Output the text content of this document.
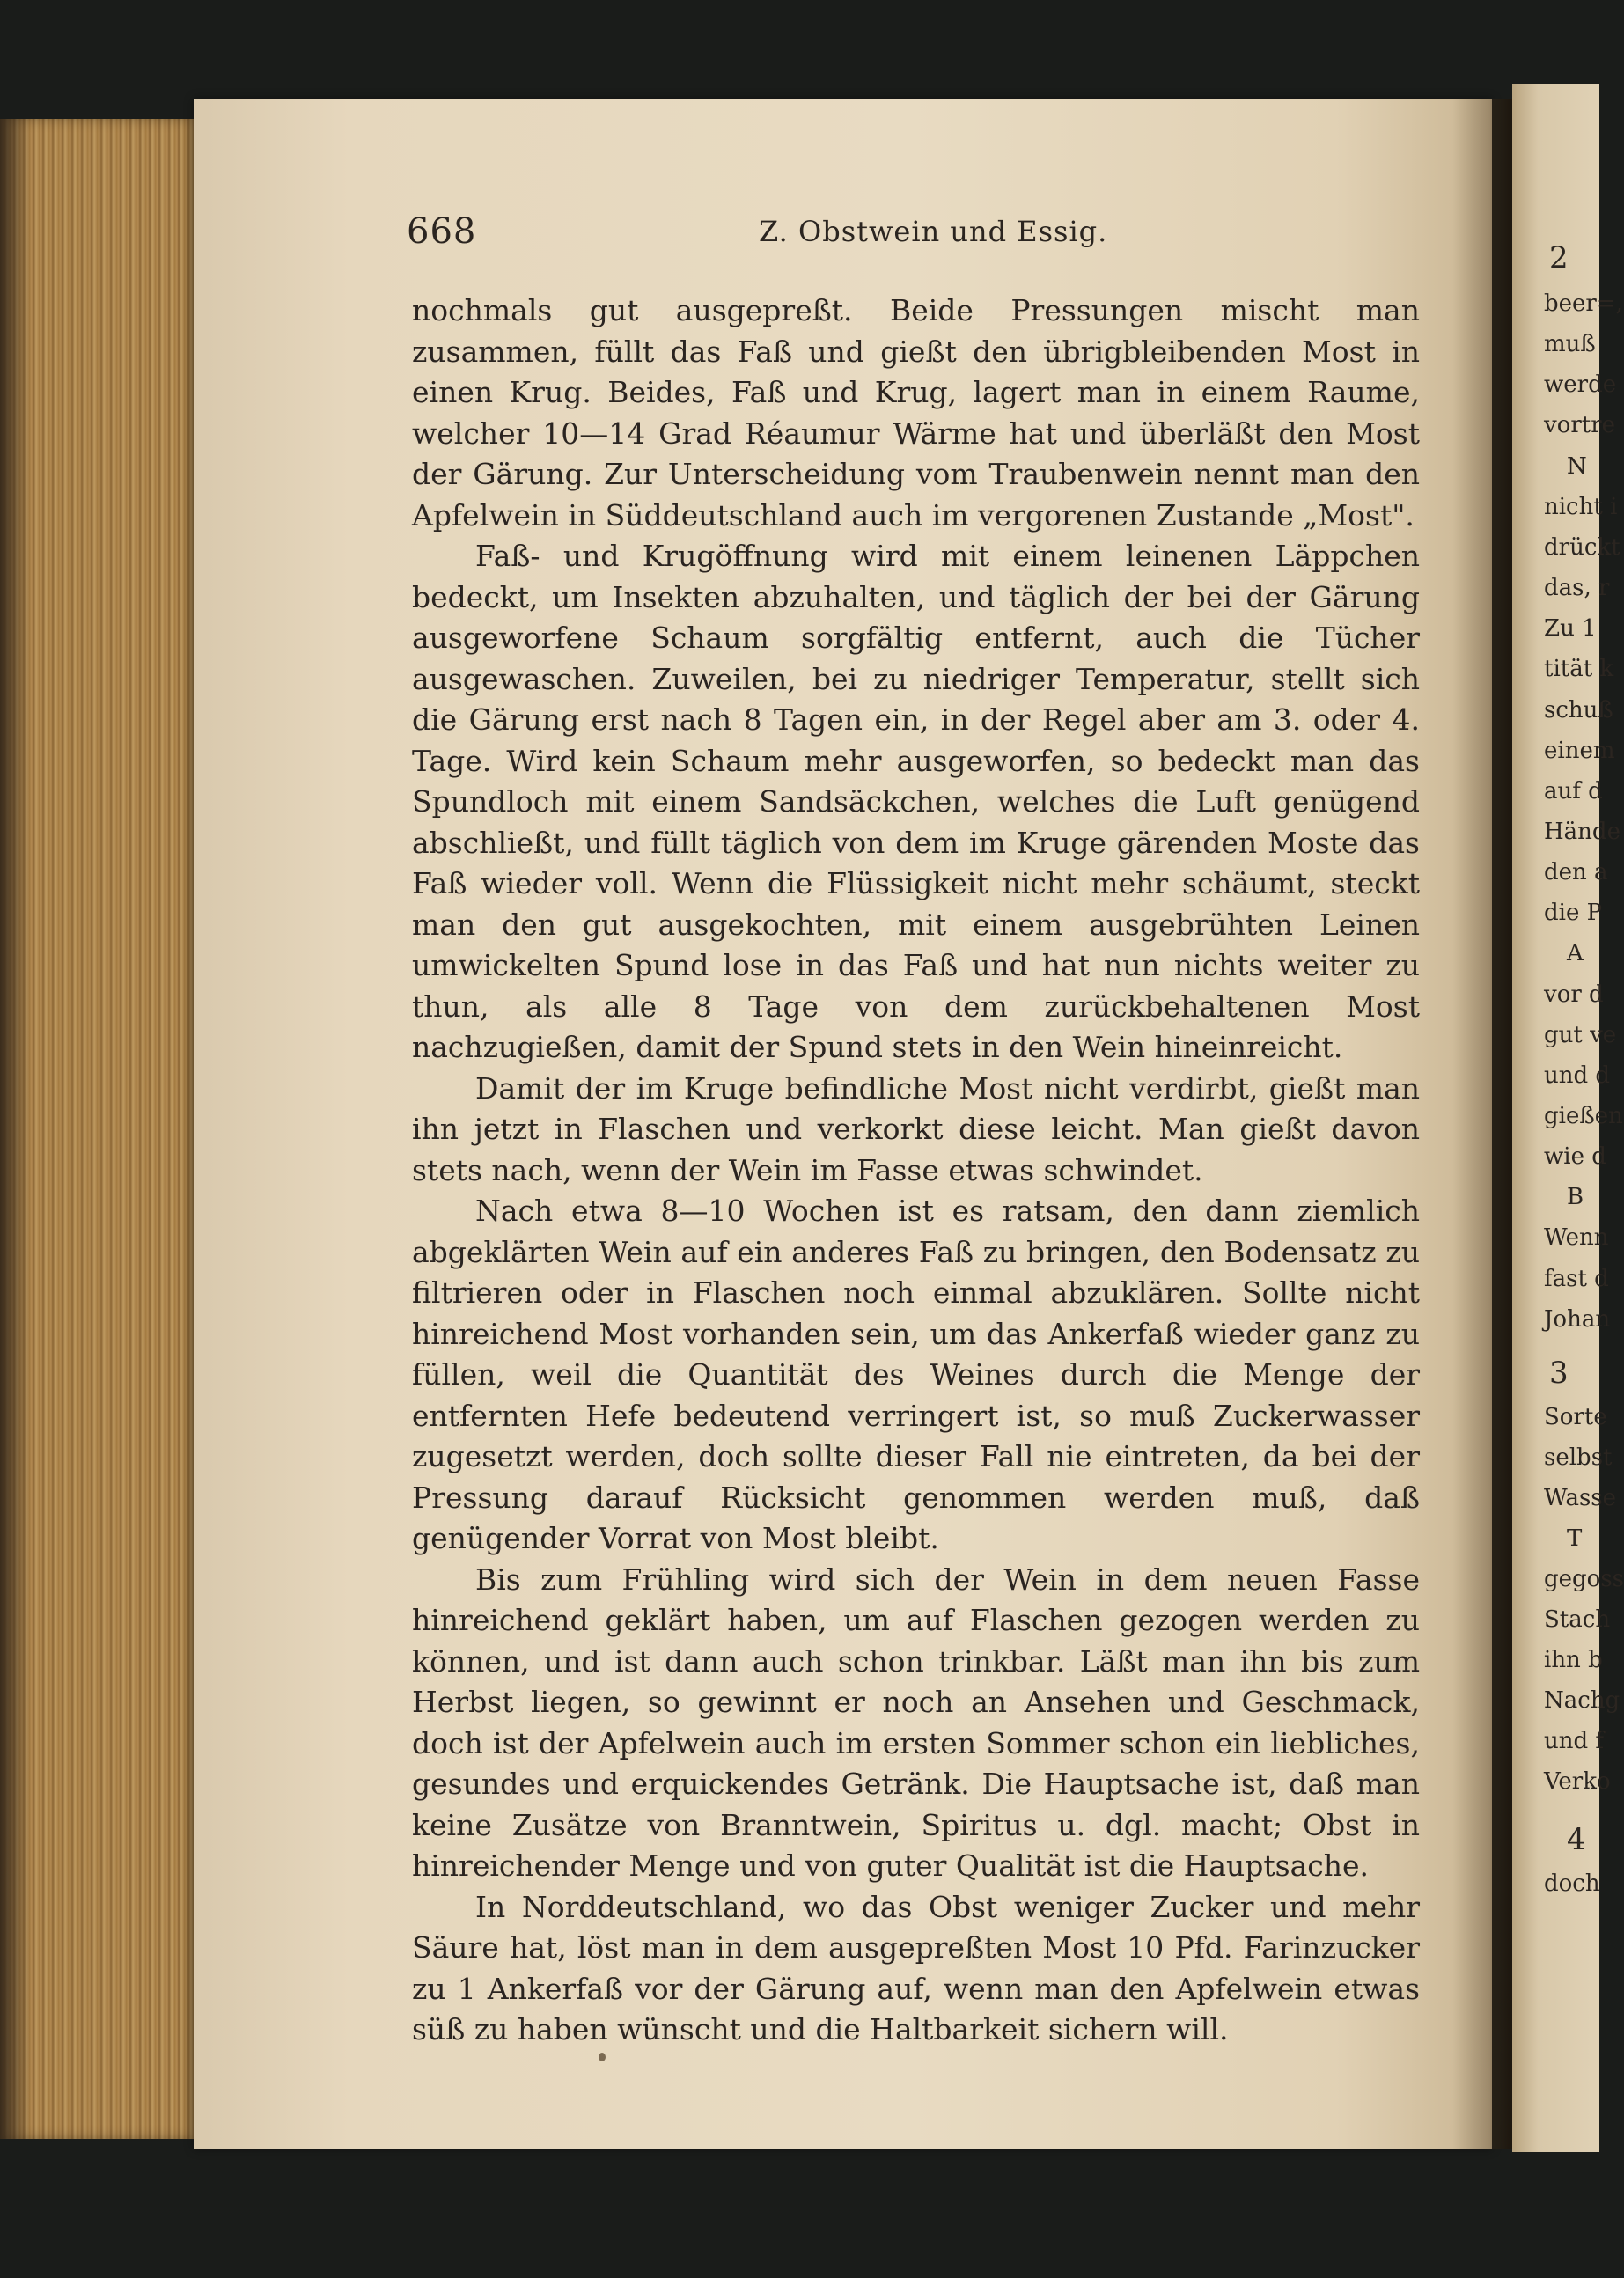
2
beer=,
muß
werde
vortre
N
nicht i
drückt
das, r
Zu 1
tität k
schuß
einem
auf d
Hände
den a
die P
A
vor d
gut ve
und d
gießen
wie d
B
Wenn
fast d
Johan
3
Sorte
selbst
Wasse
T
gegoss
Stach
ihn b
Nachg
und f
Verko
4
doch
668	Z. Obstwein und Essig.

nochmals gut ausgepreßt. Beide Pressungen mischt man zusammen, füllt das Faß und gießt den übrigbleibenden Most in einen Krug. Beides, Faß und Krug, lagert man in einem Raume, welcher 10—14 Grad Réaumur Wärme hat und überläßt den Most der Gärung. Zur Unterscheidung vom Traubenwein nennt man den Apfelwein in Süddeutschland auch im vergorenen Zustande „Most".

Faß- und Krugöffnung wird mit einem leinenen Läppchen bedeckt, um Insekten abzuhalten, und täglich der bei der Gärung ausgeworfene Schaum sorgfältig entfernt, auch die Tücher ausgewaschen. Zuweilen, bei zu niedriger Temperatur, stellt sich die Gärung erst nach 8 Tagen ein, in der Regel aber am 3. oder 4. Tage. Wird kein Schaum mehr ausgeworfen, so bedeckt man das Spundloch mit einem Sandsäckchen, welches die Luft genügend abschließt, und füllt täglich von dem im Kruge gärenden Moste das Faß wieder voll. Wenn die Flüssigkeit nicht mehr schäumt, steckt man den gut ausgekochten, mit einem ausgebrühten Leinen umwickelten Spund lose in das Faß und hat nun nichts weiter zu thun, als alle 8 Tage von dem zurückbehaltenen Most nachzugießen, damit der Spund stets in den Wein hineinreicht.

Damit der im Kruge befindliche Most nicht verdirbt, gießt man ihn jetzt in Flaschen und verkorkt diese leicht. Man gießt davon stets nach, wenn der Wein im Fasse etwas schwindet.

Nach etwa 8—10 Wochen ist es ratsam, den dann ziemlich abgeklärten Wein auf ein anderes Faß zu bringen, den Bodensatz zu filtrieren oder in Flaschen noch einmal abzuklären. Sollte nicht hinreichend Most vorhanden sein, um das Ankerfaß wieder ganz zu füllen, weil die Quantität des Weines durch die Menge der entfernten Hefe bedeutend verringert ist, so muß Zuckerwasser zugesetzt werden, doch sollte dieser Fall nie eintreten, da bei der Pressung darauf Rücksicht genommen werden muß, daß genügender Vorrat von Most bleibt.

Bis zum Frühling wird sich der Wein in dem neuen Fasse hinreichend geklärt haben, um auf Flaschen gezogen werden zu können, und ist dann auch schon trinkbar. Läßt man ihn bis zum Herbst liegen, so gewinnt er noch an Ansehen und Geschmack, doch ist der Apfelwein auch im ersten Sommer schon ein liebliches, gesundes und erquickendes Getränk. Die Hauptsache ist, daß man keine Zusätze von Branntwein, Spiritus u. dgl. macht; Obst in hinreichender Menge und von guter Qualität ist die Hauptsache.

In Norddeutschland, wo das Obst weniger Zucker und mehr Säure hat, löst man in dem ausgepreßten Most 10 Pfd. Farinzucker zu 1 Ankerfaß vor der Gärung auf, wenn man den Apfelwein etwas süß zu haben wünscht und die Haltbarkeit sichern will.
